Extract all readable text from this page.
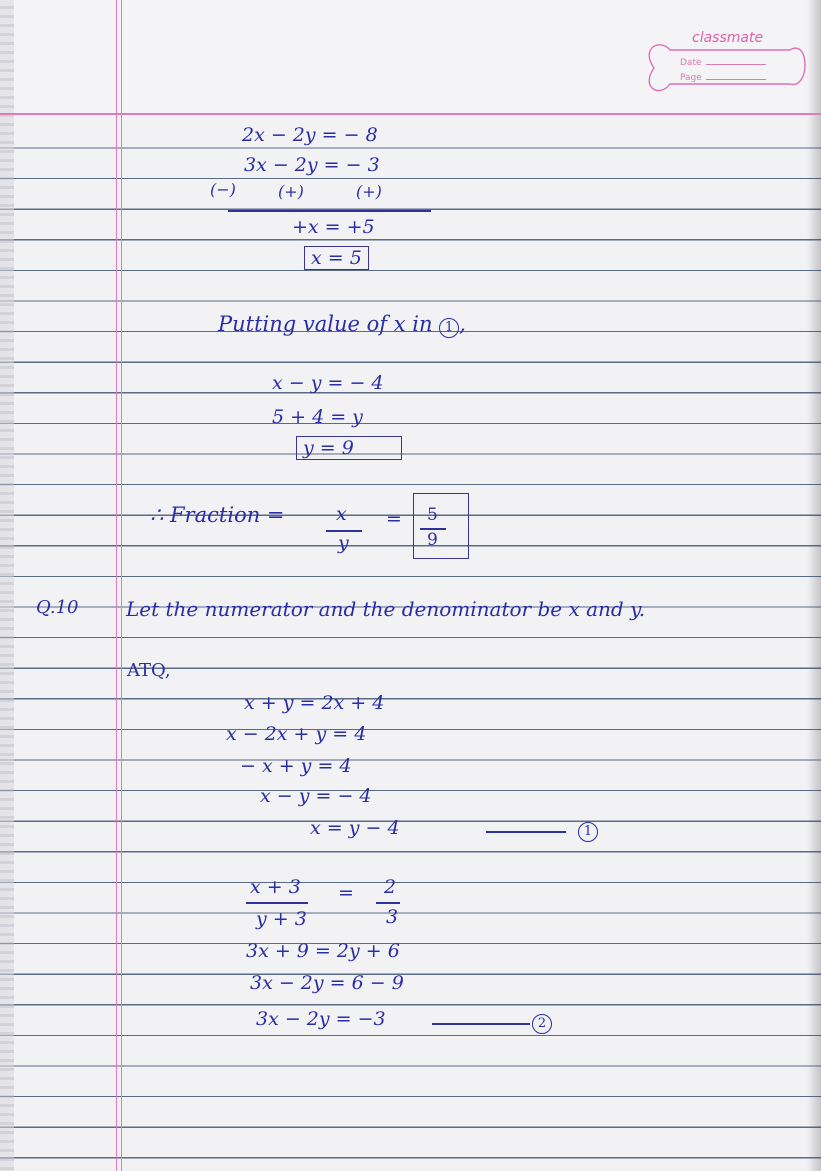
classmate
Date
Page
2x − 2y = − 8
3x − 2y = − 3
(−)	(+)	(+)
+x = +5
x = 5
Putting value of x in 1 ,
x − y = − 4
5 + 4 = y
y = 9
∴ Fraction =	x
y
= 5
9
Q.10 Let the numerator and the denominator be x and y.
ATQ,
x + y = 2x + 4
x − 2x + y = 4
− x + y = 4
x − y = − 4
x = y − 4	1
x + 3
y + 3
= 2
3
3x + 9 = 2y + 6
3x − 2y = 6 − 9
3x − 2y = −3	2
